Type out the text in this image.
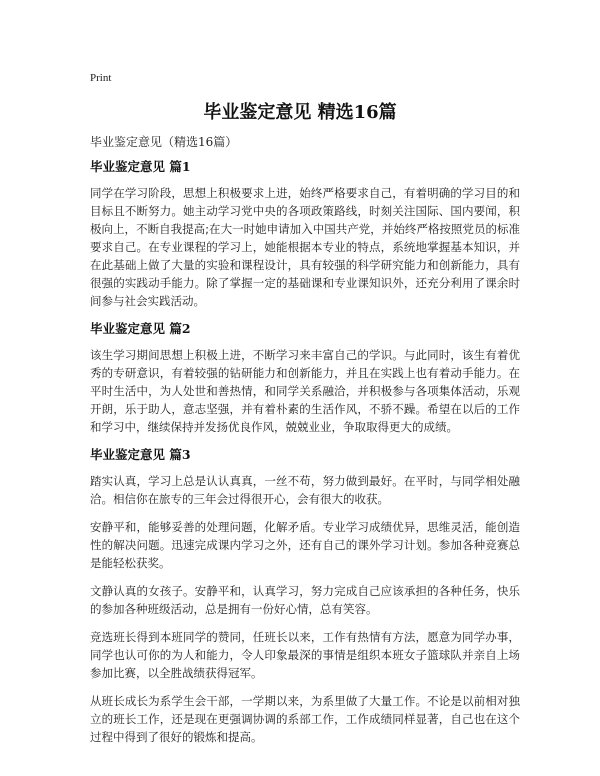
Print
毕业鉴定意见 精选16篇
毕业鉴定意见（精选16篇）
毕业鉴定意见 篇1

同学在学习阶段，思想上积极要求上进，始终严格要求自己，有着明确的学习目的和目标且不断努力。她主动学习党中央的各项政策路线，时刻关注国际、国内要闻，积极向上，不断自我提高;在大一时她申请加入中国共产党，并始终严格按照党员的标准要求自己。在专业课程的学习上，她能根据本专业的特点，系统地掌握基本知识，并在此基础上做了大量的实验和课程设计，具有较强的科学研究能力和创新能力，具有很强的实践动手能力。除了掌握一定的基础课和专业课知识外，还充分利用了课余时间参与社会实践活动。

毕业鉴定意见 篇2

该生学习期间思想上积极上进，不断学习来丰富自己的学识。与此同时，该生有着优秀的专研意识，有着较强的钻研能力和创新能力，并且在实践上也有着动手能力。在平时生活中，为人处世和善热情，和同学关系融洽，并积极参与各项集体活动，乐观开朗，乐于助人，意志坚强，并有着朴素的生活作风，不骄不躁。希望在以后的工作和学习中，继续保持并发扬优良作风，兢兢业业，争取取得更大的成绩。

毕业鉴定意见 篇3

踏实认真，学习上总是认认真真，一丝不苟，努力做到最好。在平时，与同学相处融洽。相信你在旅专的三年会过得很开心，会有很大的收获。

安静平和，能够妥善的处理问题，化解矛盾。专业学习成绩优异，思维灵活，能创造性的解决问题。迅速完成课内学习之外，还有自己的课外学习计划。参加各种竞赛总是能轻松获奖。

文静认真的女孩子。安静平和，认真学习，努力完成自己应该承担的各种任务，快乐的参加各种班级活动，总是拥有一份好心情，总有笑容。

竞选班长得到本班同学的赞同，任班长以来，工作有热情有方法，愿意为同学办事，同学也认可你的为人和能力，令人印象最深的事情是组织本班女子篮球队并亲自上场参加比赛，以全胜战绩获得冠军。

从班长成长为系学生会干部，一学期以来，为系里做了大量工作。不论是以前相对独立的班长工作，还是现在更强调协调的系部工作，工作成绩同样显著，自己也在这个过程中得到了很好的锻炼和提高。
